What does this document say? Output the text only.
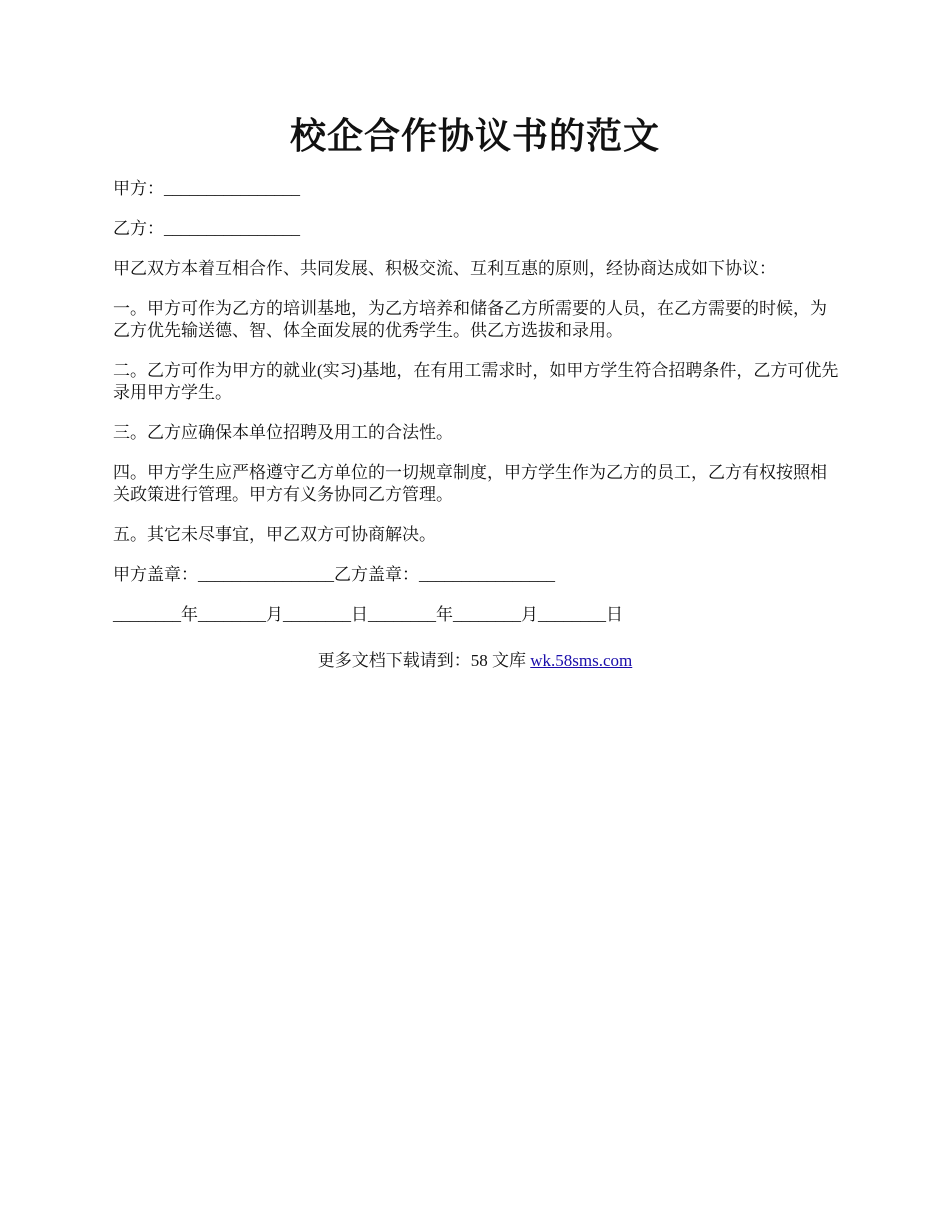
校企合作协议书的范文

甲方：________________

乙方：________________

甲乙双方本着互相合作、共同发展、积极交流、互利互惠的原则，经协商达成如下协议：

一。甲方可作为乙方的培训基地，为乙方培养和储备乙方所需要的人员，在乙方需要的时候，为乙方优先输送德、智、体全面发展的优秀学生。供乙方选拔和录用。

二。乙方可作为甲方的就业(实习)基地，在有用工需求时，如甲方学生符合招聘条件，乙方可优先录用甲方学生。

三。乙方应确保本单位招聘及用工的合法性。

四。甲方学生应严格遵守乙方单位的一切规章制度，甲方学生作为乙方的员工，乙方有权按照相关政策进行管理。甲方有义务协同乙方管理。

五。其它未尽事宜，甲乙双方可协商解决。

甲方盖章：________________乙方盖章：________________

________年________月________日________年________月________日

更多文档下载请到：58 文库 wk.58sms.com
